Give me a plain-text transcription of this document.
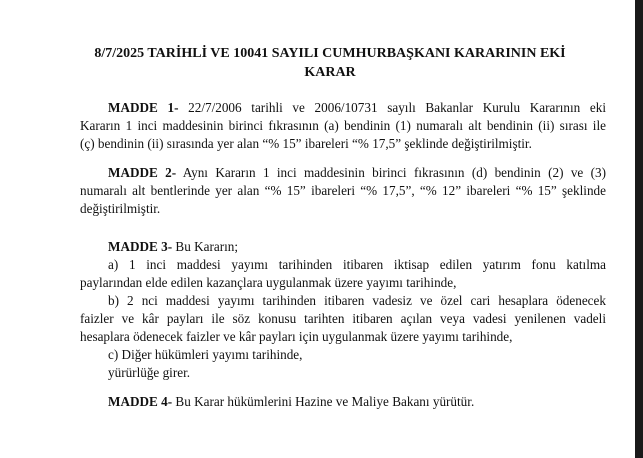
8/7/2025 TARİHLİ VE 10041 SAYILI CUMHURBAŞKANI KARARININ EKİ
KARAR
MADDE 1- 22/7/2006 tarihli ve 2006/10731 sayılı Bakanlar Kurulu Kararının eki
Kararın 1 inci maddesinin birinci fıkrasının (a) bendinin (1) numaralı alt bendinin (ii) sırası ile
(ç) bendinin (ii) sırasında yer alan “% 15” ibareleri “% 17,5” şeklinde değiştirilmiştir.
MADDE 2- Aynı Kararın 1 inci maddesinin birinci fıkrasının (d) bendinin (2) ve (3)
numaralı alt bentlerinde yer alan “% 15” ibareleri “% 17,5”, “% 12” ibareleri “% 15” şeklinde
değiştirilmiştir.
MADDE 3- Bu Kararın;
a) 1 inci maddesi yayımı tarihinden itibaren iktisap edilen yatırım fonu katılma
paylarından elde edilen kazançlara uygulanmak üzere yayımı tarihinde,
b) 2 nci maddesi yayımı tarihinden itibaren vadesiz ve özel cari hesaplara ödenecek
faizler ve kâr payları ile söz konusu tarihten itibaren açılan veya vadesi yenilenen vadeli
hesaplara ödenecek faizler ve kâr payları için uygulanmak üzere yayımı tarihinde,
c) Diğer hükümleri yayımı tarihinde,
yürürlüğe girer.
MADDE 4- Bu Karar hükümlerini Hazine ve Maliye Bakanı yürütür.
